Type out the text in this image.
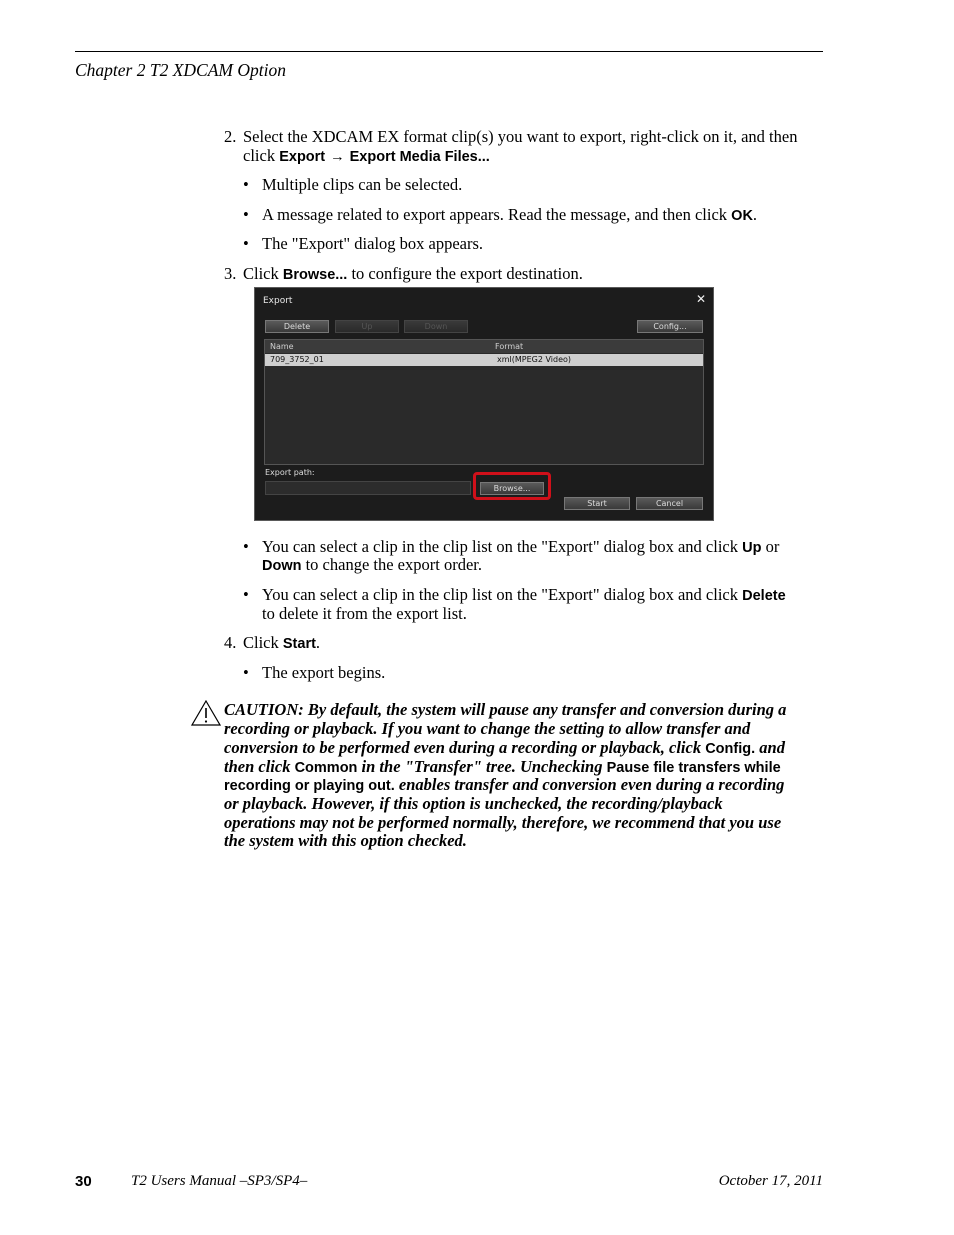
Chapter 2 T2 XDCAM Option
2. Select the XDCAM EX format clip(s) you want to export, right-click on it, and then
click Export → Export Media Files...
• Multiple clips can be selected.
• A message related to export appears. Read the message, and then click OK.
• The "Export" dialog box appears.
3. Click Browse... to configure the export destination.
Export	✕
Delete	Up	Down	Config...
Name	Format
709_3752_01	xml(MPEG2 Video)
Export path:
Browse...
Start	Cancel
• You can select a clip in the clip list on the "Export" dialog box and click Up or
Down to change the export order.
• You can select a clip in the clip list on the "Export" dialog box and click Delete
to delete it from the export list.
4. Click Start.
• The export begins.
CAUTION: By default, the system will pause any transfer and conversion during a
recording or playback. If you want to change the setting to allow transfer and
conversion to be performed even during a recording or playback, click Config. and
then click Common in the "Transfer" tree. Unchecking Pause file transfers while
recording or playing out. enables transfer and conversion even during a recording
or playback. However, if this option is unchecked, the recording/playback
operations may not be performed normally, therefore, we recommend that you use
the system with this option checked.
30	T2 Users Manual –SP3/SP4–	October 17, 2011
